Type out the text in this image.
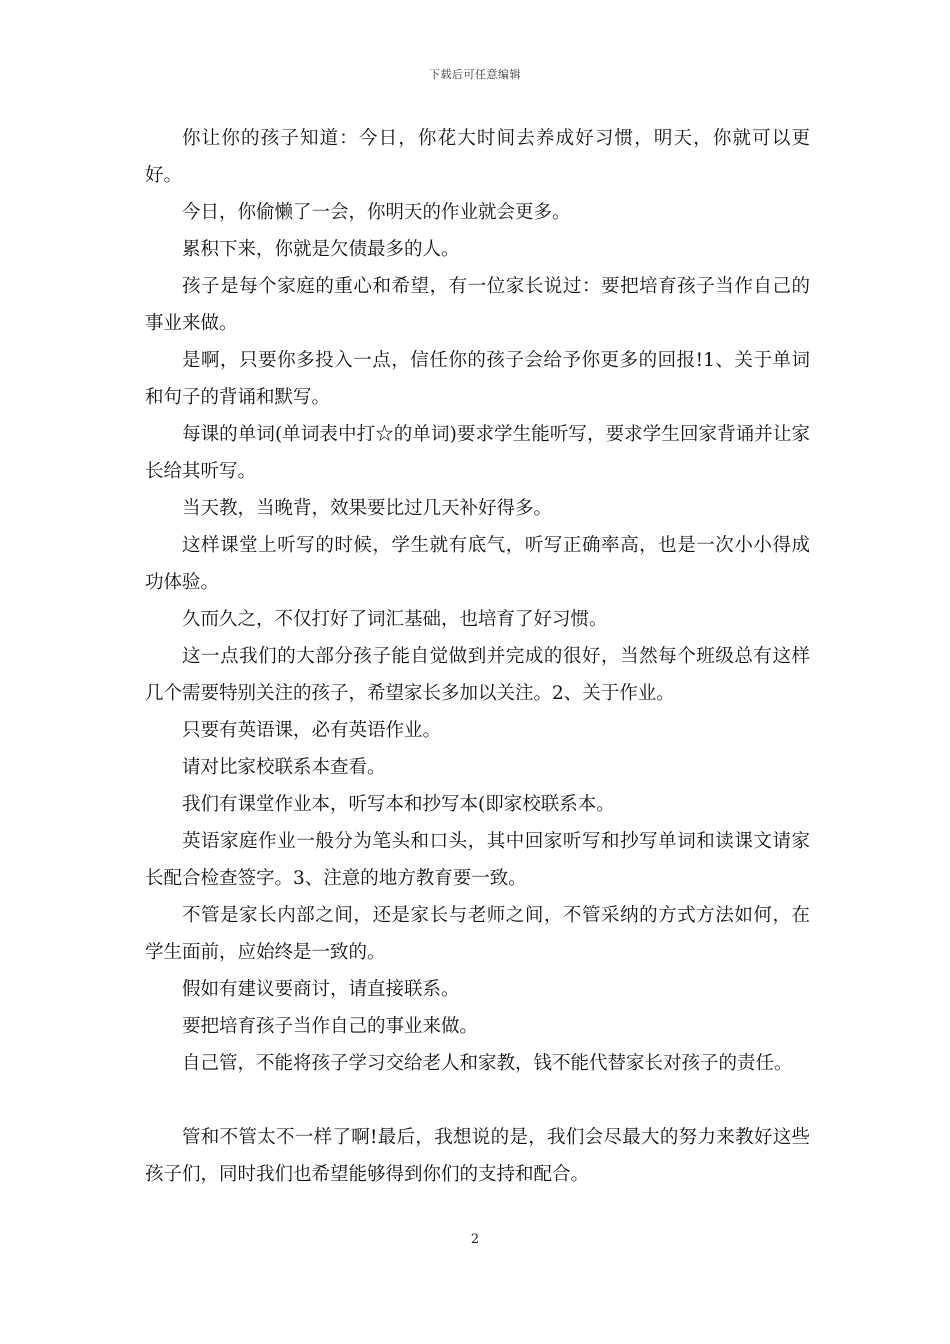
下载后可任意编辑

你让你的孩子知道：今日，你花大时间去养成好习惯，明天，你就可以更好。

今日，你偷懒了一会，你明天的作业就会更多。

累积下来，你就是欠债最多的人。

孩子是每个家庭的重心和希望，有一位家长说过：要把培育孩子当作自己的事业来做。

是啊，只要你多投入一点，信任你的孩子会给予你更多的回报!1、关于单词和句子的背诵和默写。

每课的单词(单词表中打☆的单词)要求学生能听写，要求学生回家背诵并让家长给其听写。

当天教，当晚背，效果要比过几天补好得多。

这样课堂上听写的时候，学生就有底气，听写正确率高，也是一次小小得成功体验。

久而久之，不仅打好了词汇基础，也培育了好习惯。

这一点我们的大部分孩子能自觉做到并完成的很好，当然每个班级总有这样几个需要特别关注的孩子，希望家长多加以关注。2、关于作业。

只要有英语课，必有英语作业。

请对比家校联系本查看。

我们有课堂作业本，听写本和抄写本(即家校联系本。

英语家庭作业一般分为笔头和口头，其中回家听写和抄写单词和读课文请家长配合检查签字。3、注意的地方教育要一致。

不管是家长内部之间，还是家长与老师之间，不管采纳的方式方法如何，在学生面前，应始终是一致的。

假如有建议要商讨，请直接联系。

要把培育孩子当作自己的事业来做。

自己管，不能将孩子学习交给老人和家教，钱不能代替家长对孩子的责任。

管和不管太不一样了啊!最后，我想说的是，我们会尽最大的努力来教好这些孩子们，同时我们也希望能够得到你们的支持和配合。

2
